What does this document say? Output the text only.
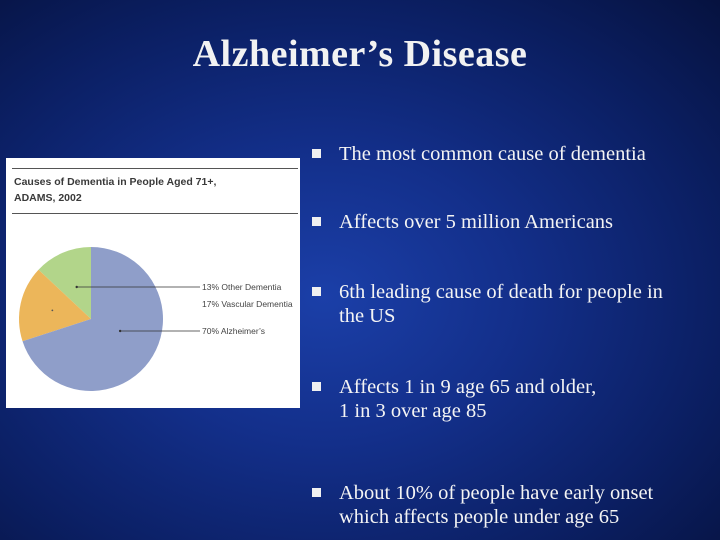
Alzheimer’s Disease
Causes of Dementia in People Aged 71+,
ADAMS, 2002
13% Other Dementia
17% Vascular Dementia
70% Alzheimer’s
The most common cause of dementia
Affects over 5 million Americans
6th leading cause of death for people in
the US
Affects 1 in 9 age 65 and older,
1 in 3 over age 85
About 10% of people have early onset
which affects people under age 65
